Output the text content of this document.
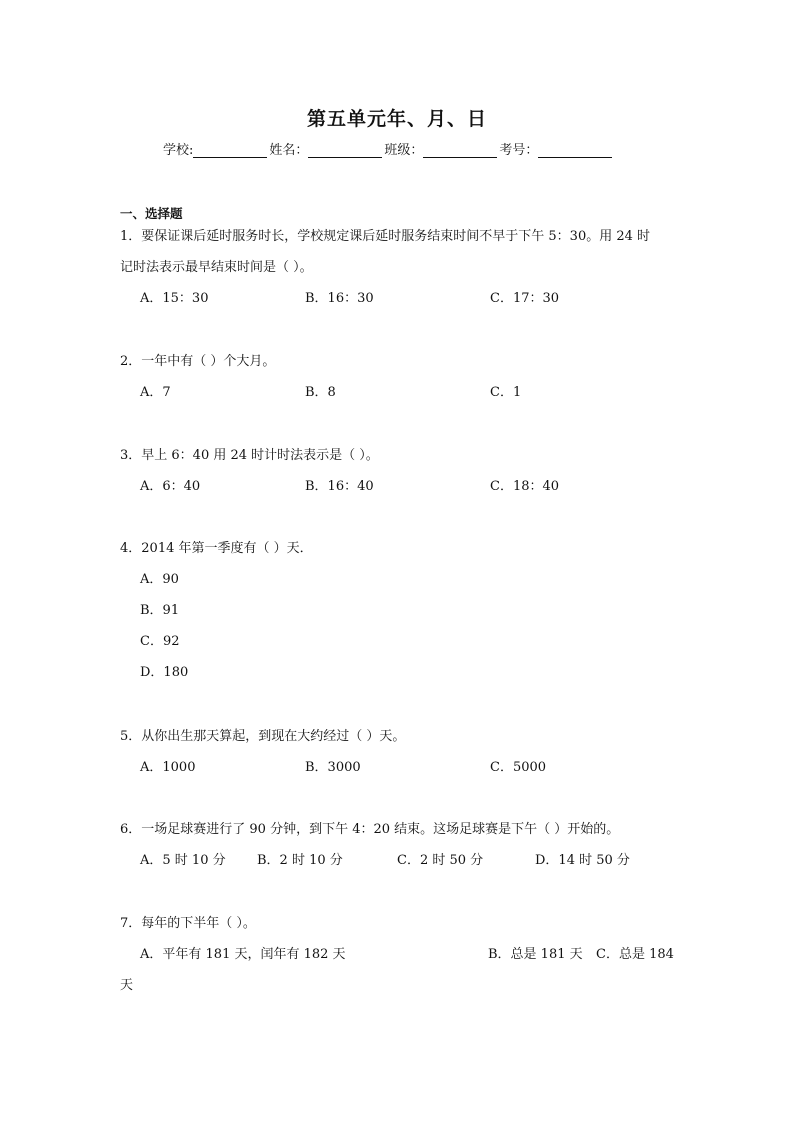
第五单元年、月、日
学校:	姓名：	班级：	考号：
一、选择题
1．要保证课后延时服务时长，学校规定课后延时服务结束时间不早于下午 5：30。用 24 时
记时法表示最早结束时间是（ ）。
A．15：30	B．16：30	C．17：30
2．一年中有（ ）个大月。
A．7	B．8	C．1
3．早上 6：40 用 24 时计时法表示是（ ）。
A．6：40	B．16：40	C．18：40
4．2014 年第一季度有（ ）天．
A．90
B．91
C．92
D．180
5．从你出生那天算起，到现在大约经过（ ）天。
A．1000	B．3000	C．5000
6．一场足球赛进行了 90 分钟，到下午 4：20 结束。这场足球赛是下午（ ）开始的。
A．5 时 10 分 B．2 时 10 分	C．2 时 50 分	D．14 时 50 分
7．每年的下半年（ ）。
A．平年有 181 天，闰年有 182 天	B．总是 181 天 C．总是 184
天
